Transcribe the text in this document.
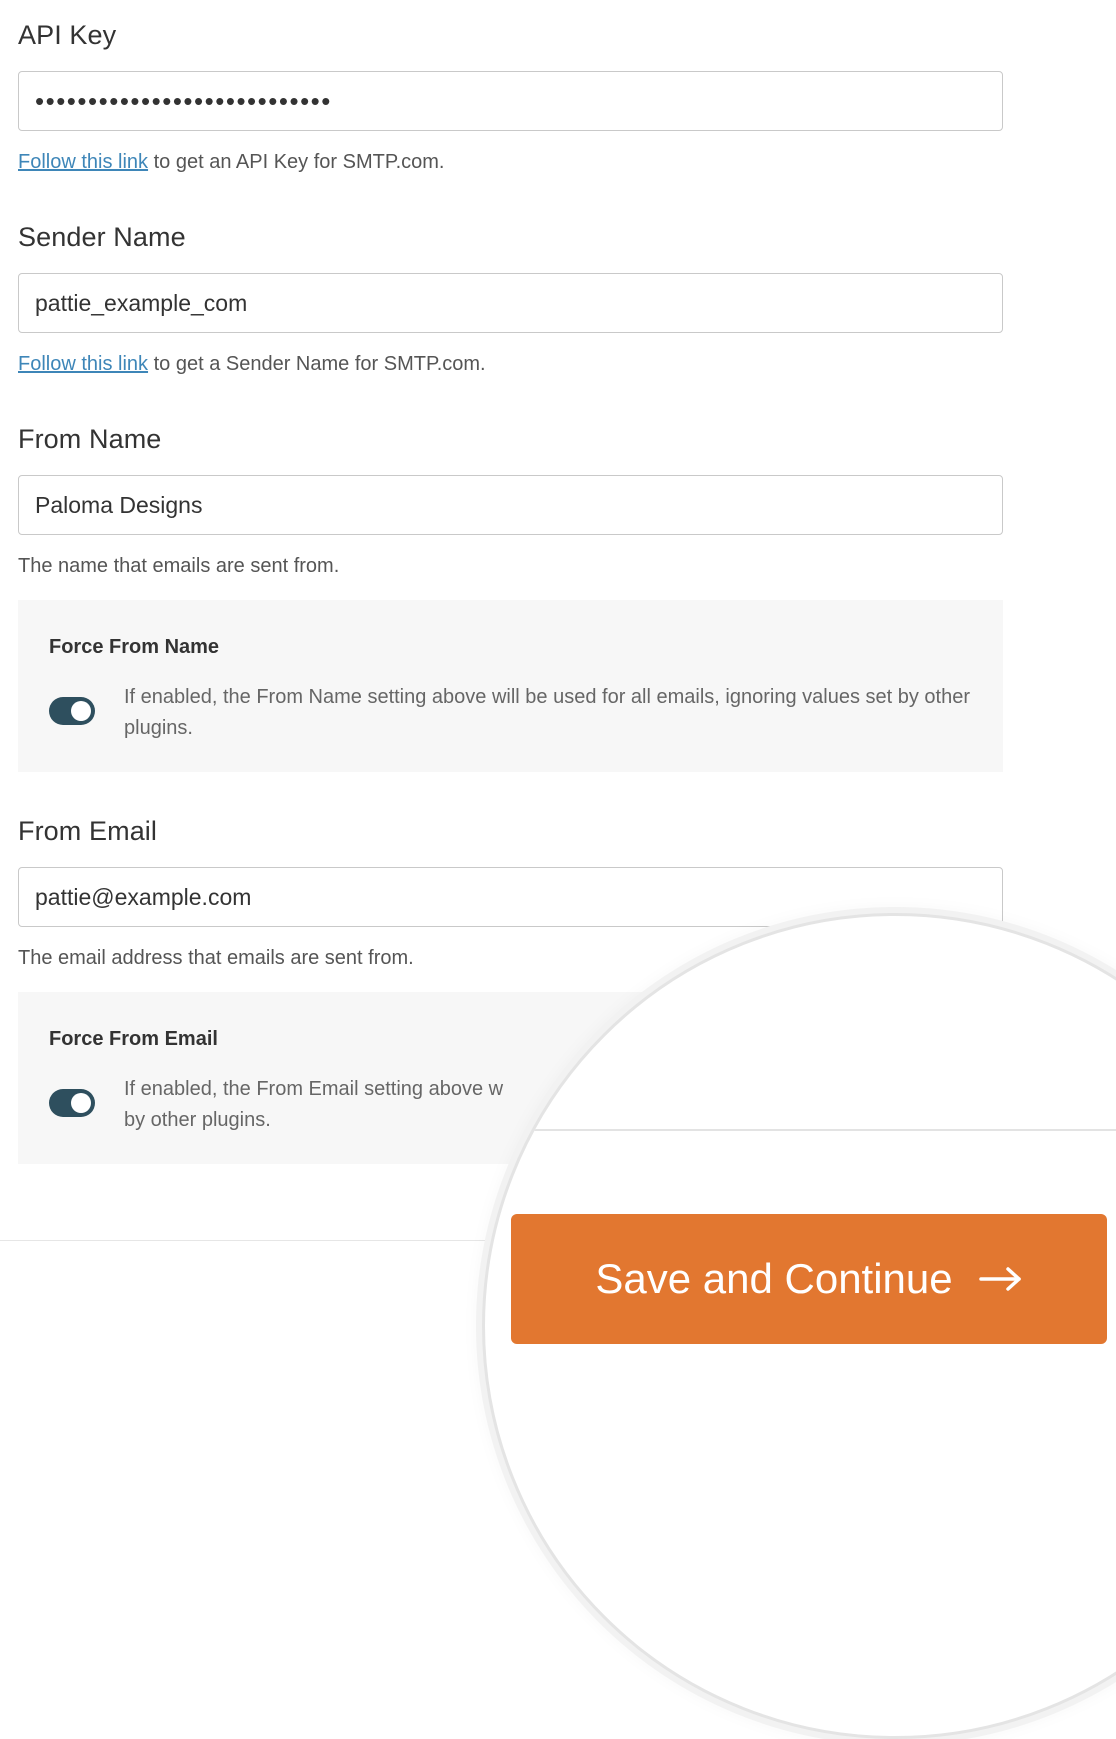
API Key
••••••••••••••••••••••••••••
Follow this link to get an API Key for SMTP.com.
Sender Name
pattie_example_com
Follow this link to get a Sender Name for SMTP.com.
From Name
Paloma Designs
The name that emails are sent from.
Force From Name
If enabled, the From Name setting above will be used for all emails, ignoring values set by other plugins.
From Email
pattie@example.com
The email address that emails are sent from.
Force From Email
If enabled, the From Email setting above w
by other plugins.
Save and Continue
